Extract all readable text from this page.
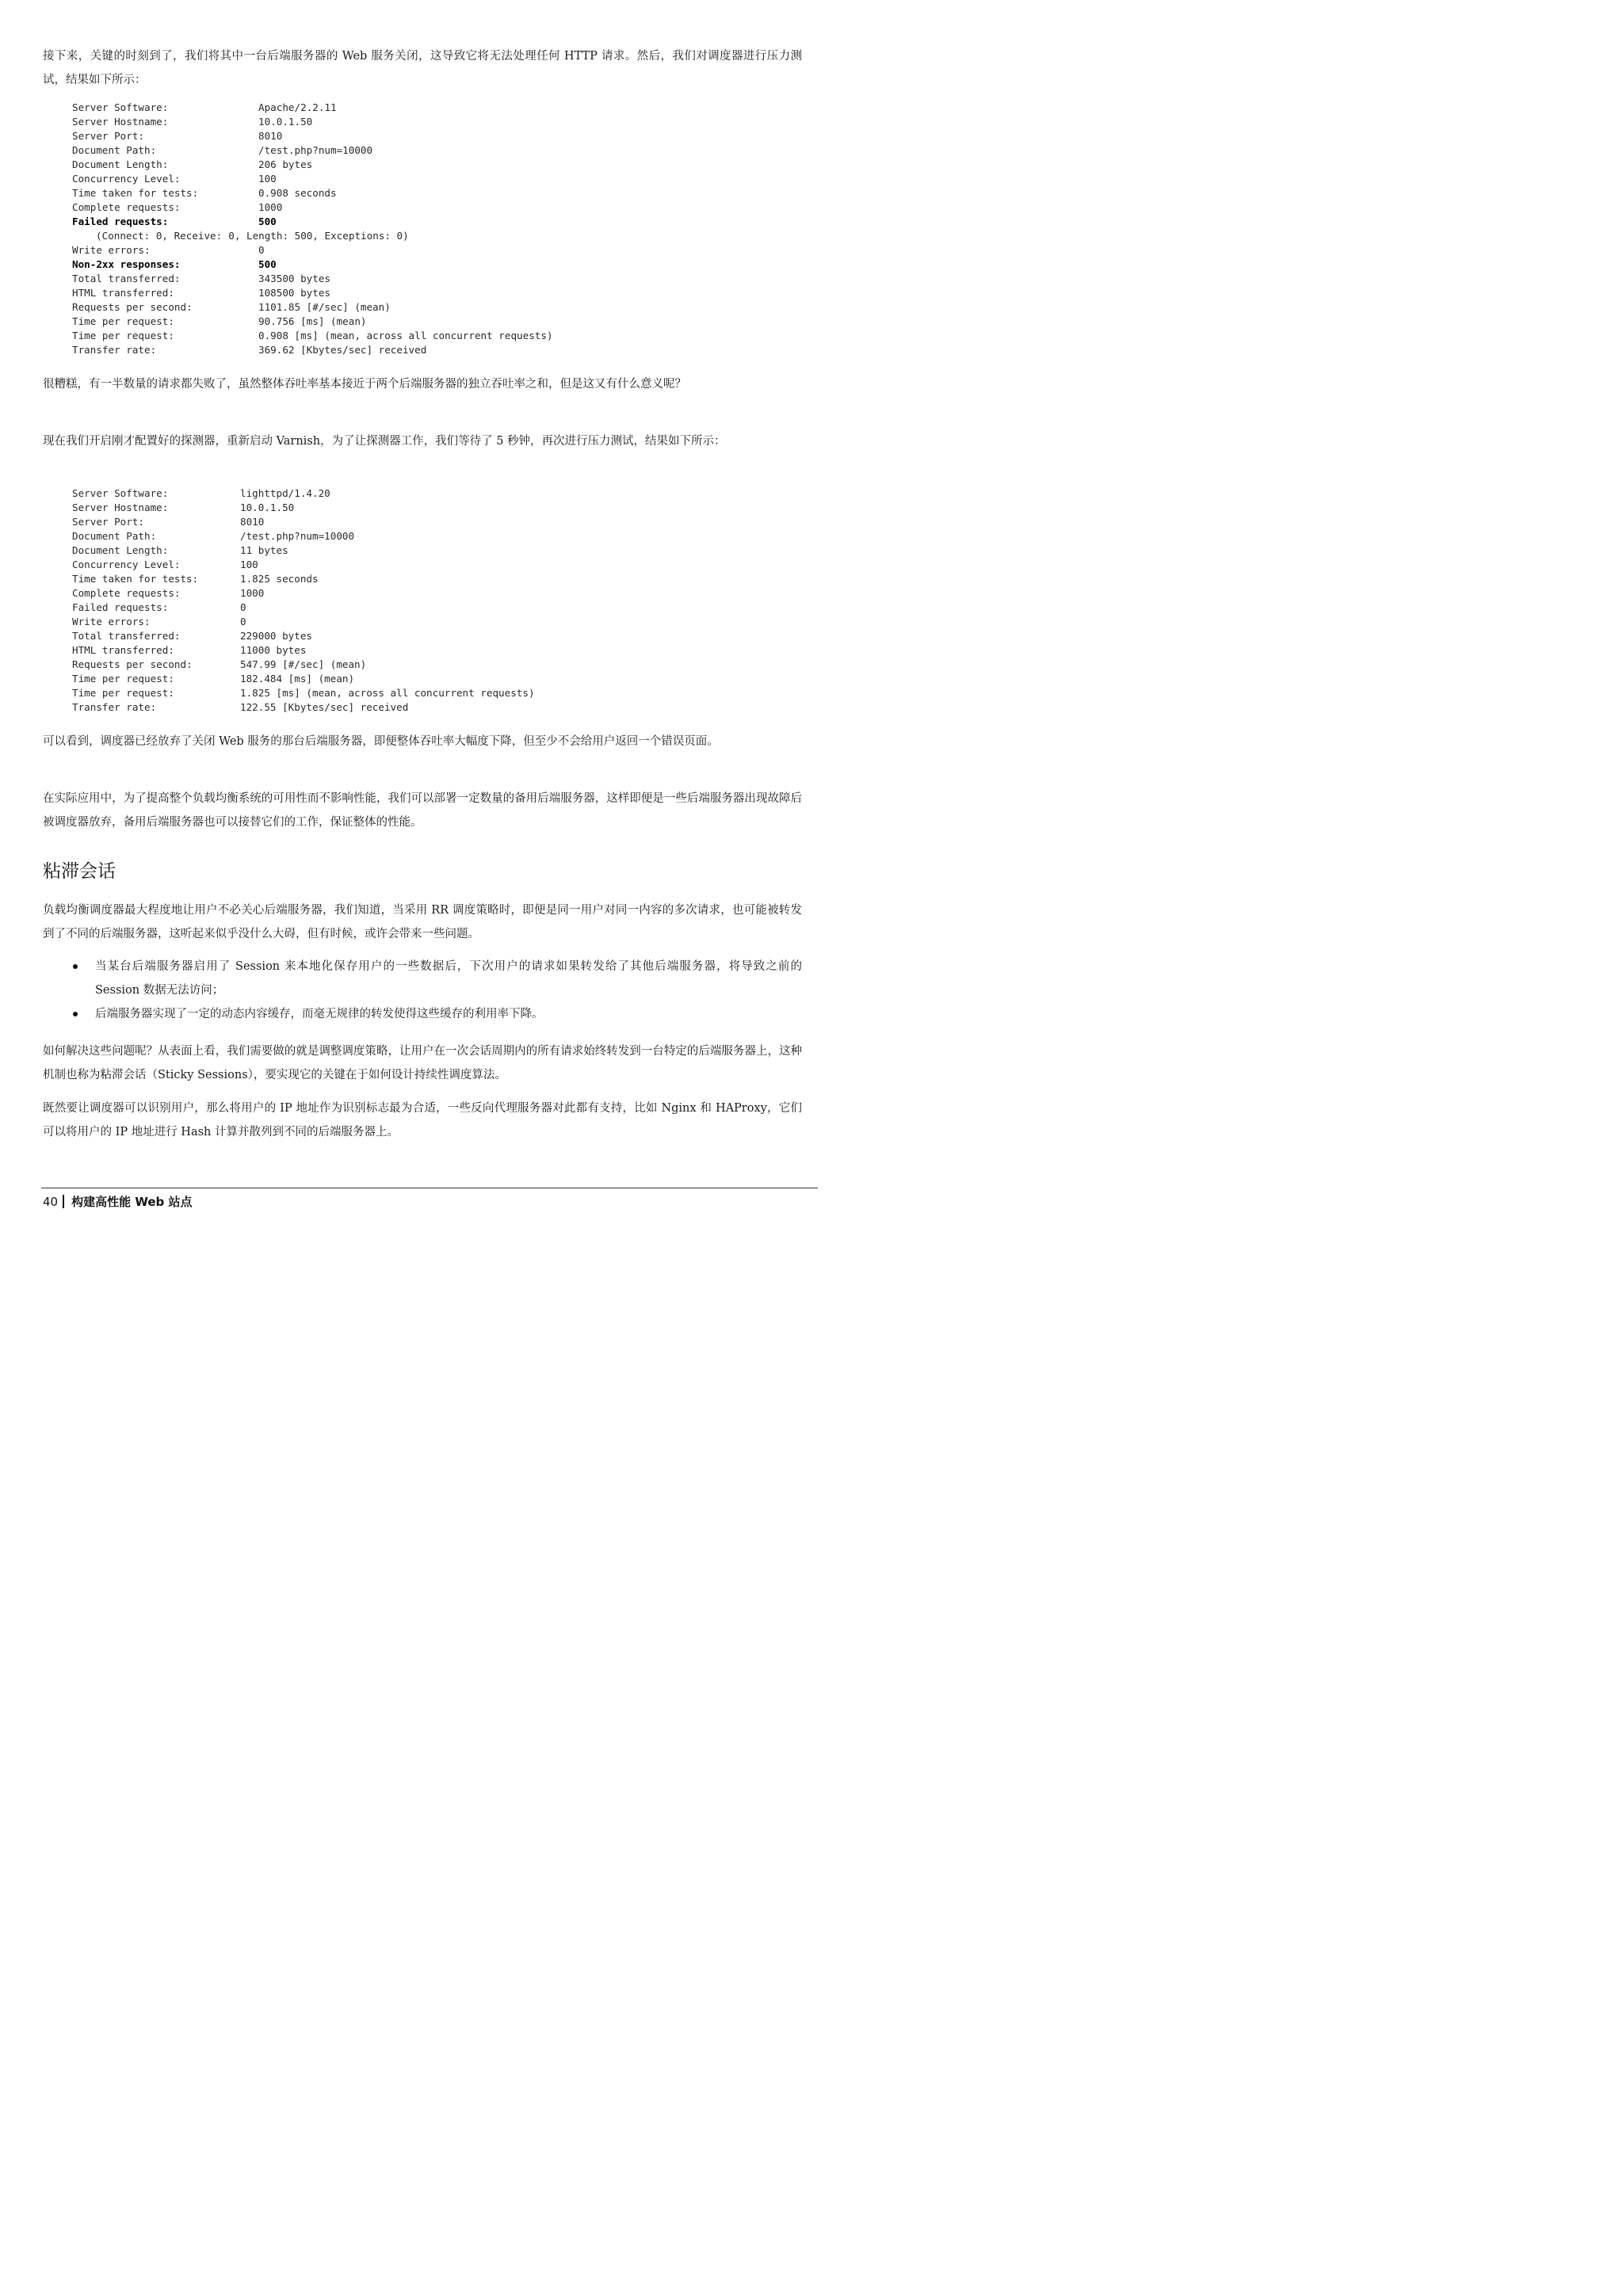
接下来，关键的时刻到了，我们将其中一台后端服务器的 Web 服务关闭，这导致它将无法处理任何 HTTP 请求。然后，我们对调度器进行压力测试，结果如下所示：
Server Software:	Apache/2.2.11
Server Hostname:	10.0.1.50
Server Port:	8010
Document Path:	/test.php?num=10000
Document Length:	206 bytes
Concurrency Level:	100
Time taken for tests:	0.908 seconds
Complete requests:	1000
Failed requests:	500
(Connect: 0, Receive: 0, Length: 500, Exceptions: 0)
Write errors:	0
Non-2xx responses:	500
Total transferred:	343500 bytes
HTML transferred:	108500 bytes
Requests per second:	1101.85 [#/sec] (mean)
Time per request:	90.756 [ms] (mean)
Time per request:	0.908 [ms] (mean, across all concurrent requests)
Transfer rate:	369.62 [Kbytes/sec] received
很糟糕，有一半数量的请求都失败了，虽然整体吞吐率基本接近于两个后端服务器的独立吞吐率之和，但是这又有什么意义呢？
现在我们开启刚才配置好的探测器，重新启动 Varnish，为了让探测器工作，我们等待了 5 秒钟，再次进行压力测试，结果如下所示：
Server Software:	lighttpd/1.4.20
Server Hostname:	10.0.1.50
Server Port:	8010
Document Path:	/test.php?num=10000
Document Length:	11 bytes
Concurrency Level:	100
Time taken for tests:	1.825 seconds
Complete requests:	1000
Failed requests:	0
Write errors:	0
Total transferred:	229000 bytes
HTML transferred:	11000 bytes
Requests per second:	547.99 [#/sec] (mean)
Time per request:	182.484 [ms] (mean)
Time per request:	1.825 [ms] (mean, across all concurrent requests)
Transfer rate:	122.55 [Kbytes/sec] received
可以看到，调度器已经放弃了关闭 Web 服务的那台后端服务器，即便整体吞吐率大幅度下降，但至少不会给用户返回一个错误页面。
在实际应用中，为了提高整个负载均衡系统的可用性而不影响性能，我们可以部署一定数量的备用后端服务器，这样即便是一些后端服务器出现故障后被调度器放弃，备用后端服务器也可以接替它们的工作，保证整体的性能。
粘滞会话
负载均衡调度器最大程度地让用户不必关心后端服务器，我们知道，当采用 RR 调度策略时，即便是同一用户对同一内容的多次请求，也可能被转发到了不同的后端服务器，这听起来似乎没什么大碍，但有时候，或许会带来一些问题。
当某台后端服务器启用了 Session 来本地化保存用户的一些数据后，下次用户的请求如果转发给了其他后端服务器，将导致之前的 Session 数据无法访问；
后端服务器实现了一定的动态内容缓存，而毫无规律的转发使得这些缓存的利用率下降。
如何解决这些问题呢？从表面上看，我们需要做的就是调整调度策略，让用户在一次会话周期内的所有请求始终转发到一台特定的后端服务器上，这种机制也称为粘滞会话（Sticky Sessions），要实现它的关键在于如何设计持续性调度算法。
既然要让调度器可以识别用户，那么将用户的 IP 地址作为识别标志最为合适，一些反向代理服务器对此都有支持，比如 Nginx 和 HAProxy，它们可以将用户的 IP 地址进行 Hash 计算并散列到不同的后端服务器上。
40 构建高性能 Web 站点
